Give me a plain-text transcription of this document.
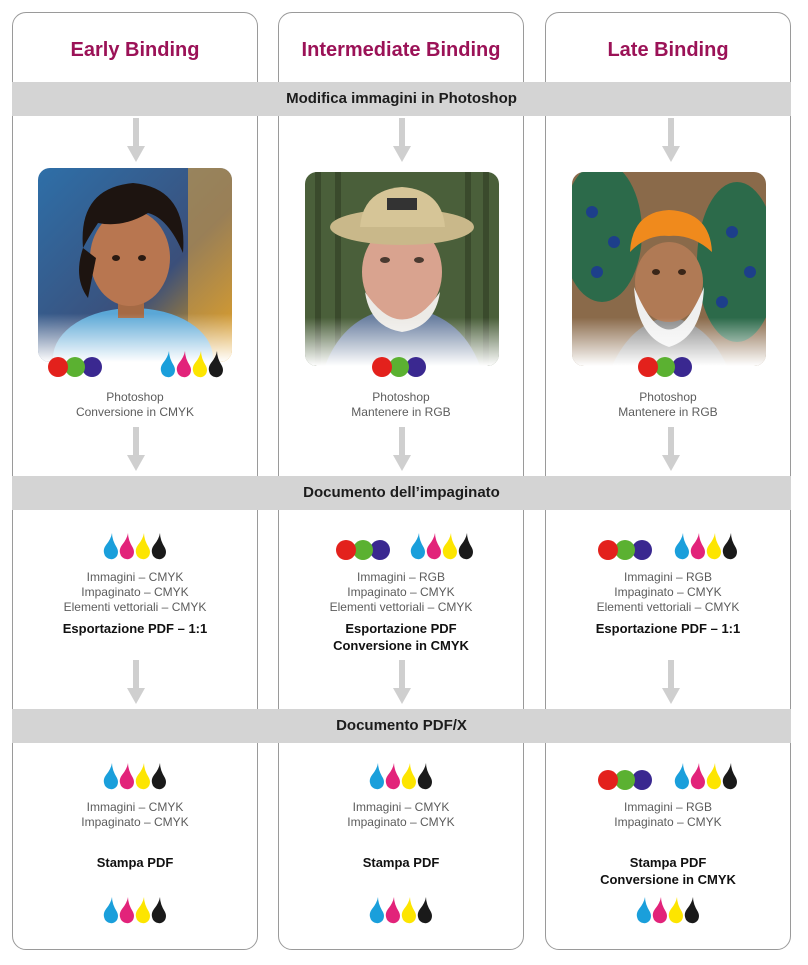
Early Binding	Intermediate Binding	Late Binding
Modifica immagini in Photoshop
Documento dell’impaginato
Documento PDF/X
Photoshop
Conversione in CMYK
Photoshop
Mantenere in RGB
Photoshop
Mantenere in RGB
Immagini – CMYK
Impaginato – CMYK
Elementi vettoriali – CMYK
Esportazione PDF – 1:1
Immagini – RGB
Impaginato – CMYK
Elementi vettoriali – CMYK
Esportazione PDF
Conversione in CMYK
Immagini – RGB
Impaginato – CMYK
Elementi vettoriali – CMYK
Esportazione PDF – 1:1
Immagini – CMYK
Impaginato – CMYK
Stampa PDF
Immagini – CMYK
Impaginato – CMYK
Stampa PDF
Immagini – RGB
Impaginato – CMYK
Stampa PDF
Conversione in CMYK
